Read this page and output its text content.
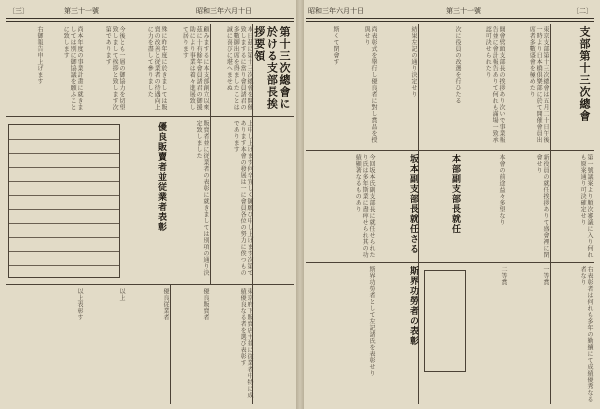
〔三〕	第三十一號	昭和三年六月十日
第十三次總會に於ける支部長挨拶要領
本日茲に第十三次總會を開催致しまするに當り會員諸君の多數御出席を得ましたことは誠に喜びに堪へませぬ
顧みまするに本支部創立以來茲に十有餘年會員諸君の御援助により事業は着々進展致して居ります
殊に昨年度に於きましては販賣の改善と従業者の待遇向上に力を盡して參りました
今後とも一層の御協力を切望致しまして挨拶と致します次第であります
尚本年度の事業計畫に就きましては別に御協議を願ふことに致します
右御報告申上げます
上申し上げます何卒宜しく御願ひ申し上げます次第であります本會の發展は一に會員各位の努力に俟つものであります
販賣者並に従業者の表彰に就きましては別項の通り決定致しました
優良販賣者並従業者表彰
東京府下販賣店主並に従業者中特に成績優良なる者を選び表彰す
優良販賣者
優良従業者
以上
以上表彰す
昭和三年六月十日	第三十一號	〔二〕
支部第十三次總會
東京支部第十三次總會は五月二十日午後一時より日本橋倶樂部に於て開催會員出席者多數盛會を極めたり
開會劈頭支部長の挨拶あり次いで事業報告並に會計報告ありて何れも滿場一致承認可決せられたり
次に役員の改選を行ひたる
結果左記の通り決定せり
尚表彰式を擧行し優良者に對し賞品を授與せり
斯くて閉會す
第一號議案より順次審議に入り何れも原案通り可決確定せり
新役員の就任挨拶ありて盛會裡に閉會せり
本會の前途益々多望なり
本部副支部長就任
坂本副支部長就任さる
今回坂本氏副支部長に就任せられたり氏は多年斯業に盡瘁せられ其の功績顯著なるものあり
右表彰者は何れも多年の勤續にて成績優秀なる者なり
一等賞
二等賞
斯界功勞者の表彰
斯界功勞者として左記諸氏を表彰せり
